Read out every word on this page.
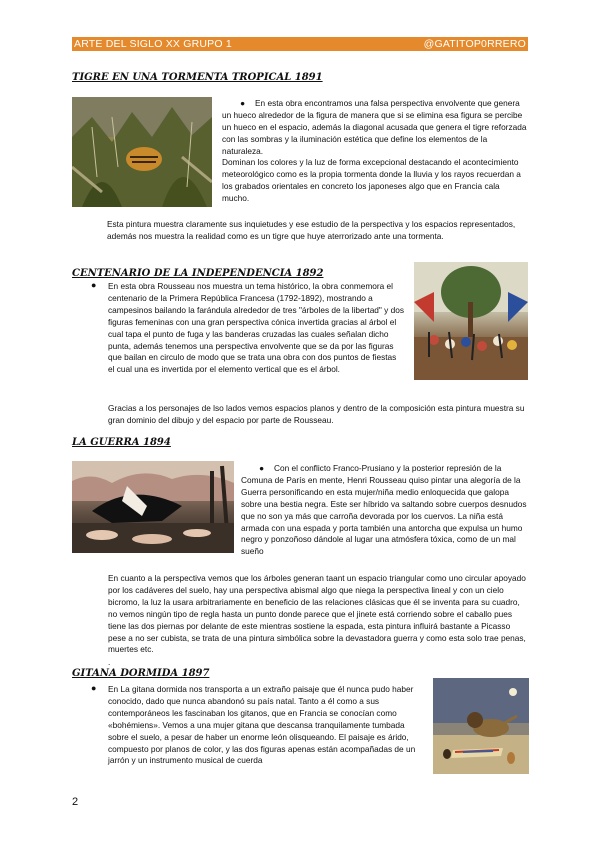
ARTE DEL SIGLO XX GRUPO 1	@GATITOP0RRERO
TIGRE EN UNA TORMENTA TROPICAL 1891
● En esta obra encontramos una falsa perspectiva envolvente que genera un hueco alrededor de la figura de manera que si se elimina esa figura se percibe un hueco en el espacio, además la diagonal acusada que genera el tigre reforzada con las sombras y la iluminación estética que define los elementos de la naturaleza.
Dominan los colores y la luz de forma excepcional destacando el acontecimiento meteorológico como es la propia tormenta donde la lluvia y los rayos recuerdan a los grabados orientales en concreto los japoneses algo que en Francia cala mucho.
Esta pintura muestra claramente sus inquietudes y ese estudio de la perspectiva y los espacios representados, además nos muestra la realidad como es un tigre que huye aterrorizado ante una tormenta.
CENTENARIO DE LA INDEPENDENCIA 1892
● En esta obra Rousseau nos muestra un tema histórico, la obra conmemora el centenario de la Primera República Francesa (1792-1892), mostrando a campesinos bailando la farándula alrededor de tres "árboles de la libertad" y dos figuras femeninas con una gran perspectiva cónica invertida gracias al árbol el cual tapa el punto de fuga y las banderas cruzadas las cuales señalan dicho punta, además tenemos una perspectiva envolvente que se da por las figuras que bailan en circulo de modo que se trata una obra con dos puntos de fiestas el cual una es invertida por el elemento vertical que es el árbol.
Gracias a los personajes de lso lados vemos espacios planos y dentro de la composición esta pintura muestra su gran dominio del dibujo y del espacio por parte de Rousseau.
LA GUERRA 1894
● Con el conflicto Franco-Prusiano y la posterior represión de la Comuna de París en mente, Henri Rousseau quiso pintar una alegoría de la Guerra personificando en esta mujer/niña medio enloquecida que galopa sobre una bestia negra. Este ser híbrido va saltando sobre cuerpos desnudos que no son ya más que carroña devorada por los cuervos. La niña está armada con una espada y porta también una antorcha que expulsa un humo negro y ponzoñoso dándole al lugar una atmósfera tóxica, como de un mal sueño
En cuanto a la perspectiva vemos que los árboles generan taant un espacio triangular como uno circular apoyado por los cadáveres del suelo, hay una perspectiva abismal algo que niega la perspectiva lineal y con un cielo bicromo, la luz la usara arbitrariamente en beneficio de las relaciones clásicas que él se inventa para su cuadro, no vemos ningún tipo de regla hasta un punto donde parece que el jinete está corriendo sobre el caballo pues tiene las dos piernas por delante de este mientras sostiene la espada, esta pintura influirá bastante a Picasso pese a no ser cubista, se trata de una pintura simbólica sobre la devastadora guerra y como esta solo trae penas, muertes etc.
.
GITANA DORMIDA 1897
● En La gitana dormida nos transporta a un extraño paisaje que él nunca pudo haber conocido, dado que nunca abandonó su país natal. Tanto a él como a sus contemporáneos les fascinaban los gitanos, que en Francia se conocían como «bohémiens». Vemos a una mujer gitana que descansa tranquilamente tumbada sobre el suelo, a pesar de haber un enorme león olisqueando. El paisaje es árido, compuesto por planos de color, y las dos figuras apenas están acompañadas de un jarrón y un instrumento musical de cuerda
2
